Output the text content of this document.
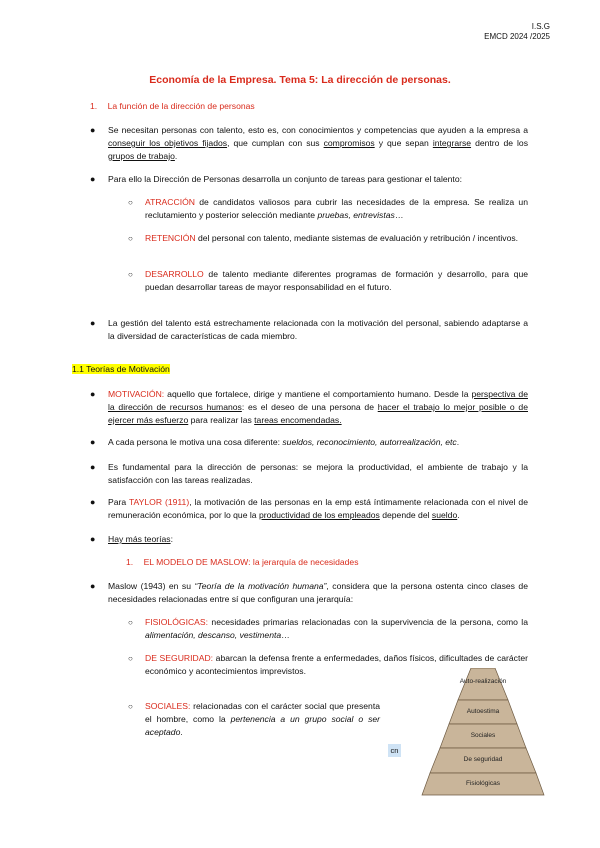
I.S.G
EMCD 2024 /2025
Economía de la Empresa. Tema 5: La dirección de personas.
1. La función de la dirección de personas
● Se necesitan personas con talento, esto es, con conocimientos y competencias que ayuden a la empresa a conseguir los objetivos fijados, que cumplan con sus compromisos y que sepan integrarse dentro de los grupos de trabajo.
● Para ello la Dirección de Personas desarrolla un conjunto de tareas para gestionar el talento:
○ ATRACCIÓN de candidatos valiosos para cubrir las necesidades de la empresa. Se realiza un reclutamiento y posterior selección mediante pruebas, entrevistas…
○ RETENCIÓN del personal con talento, mediante sistemas de evaluación y retribución / incentivos.
○ DESARROLLO de talento mediante diferentes programas de formación y desarrollo, para que puedan desarrollar tareas de mayor responsabilidad en el futuro.
● La gestión del talento está estrechamente relacionada con la motivación del personal, sabiendo adaptarse a la diversidad de características de cada miembro.
1.1 Teorías de Motivación
● MOTIVACIÓN: aquello que fortalece, dirige y mantiene el comportamiento humano. Desde la perspectiva de la dirección de recursos humanos: es el deseo de una persona de hacer el trabajo lo mejor posible o de ejercer más esfuerzo para realizar las tareas encomendadas.
● A cada persona le motiva una cosa diferente: sueldos, reconocimiento, autorrealización, etc.
● Es fundamental para la dirección de personas: se mejora la productividad, el ambiente de trabajo y la satisfacción con las tareas realizadas.
● Para TAYLOR (1911), la motivación de las personas en la emp está íntimamente relacionada con el nivel de remuneración económica, por lo que la productividad de los empleados depende del sueldo.
● Hay más teorías:
1. EL MODELO DE MASLOW: la jerarquía de necesidades
● Maslow (1943) en su “Teoría de la motivación humana”, considera que la persona ostenta cinco clases de necesidades relacionadas entre sí que configuran una jerarquía:
○ FISIOLÓGICAS: necesidades primarias relacionadas con la supervivencia de la persona, como la alimentación, descanso, vestimenta…
○ DE SEGURIDAD: abarcan la defensa frente a enfermedades, daños físicos, dificultades de carácter económico y acontecimientos imprevistos.
○ SOCIALES: relacionadas con el carácter social que presenta el hombre, como la pertenencia a un grupo social o ser aceptado.
cn
Auto-realización
Autoestima
Sociales
De seguridad
Fisiológicas
